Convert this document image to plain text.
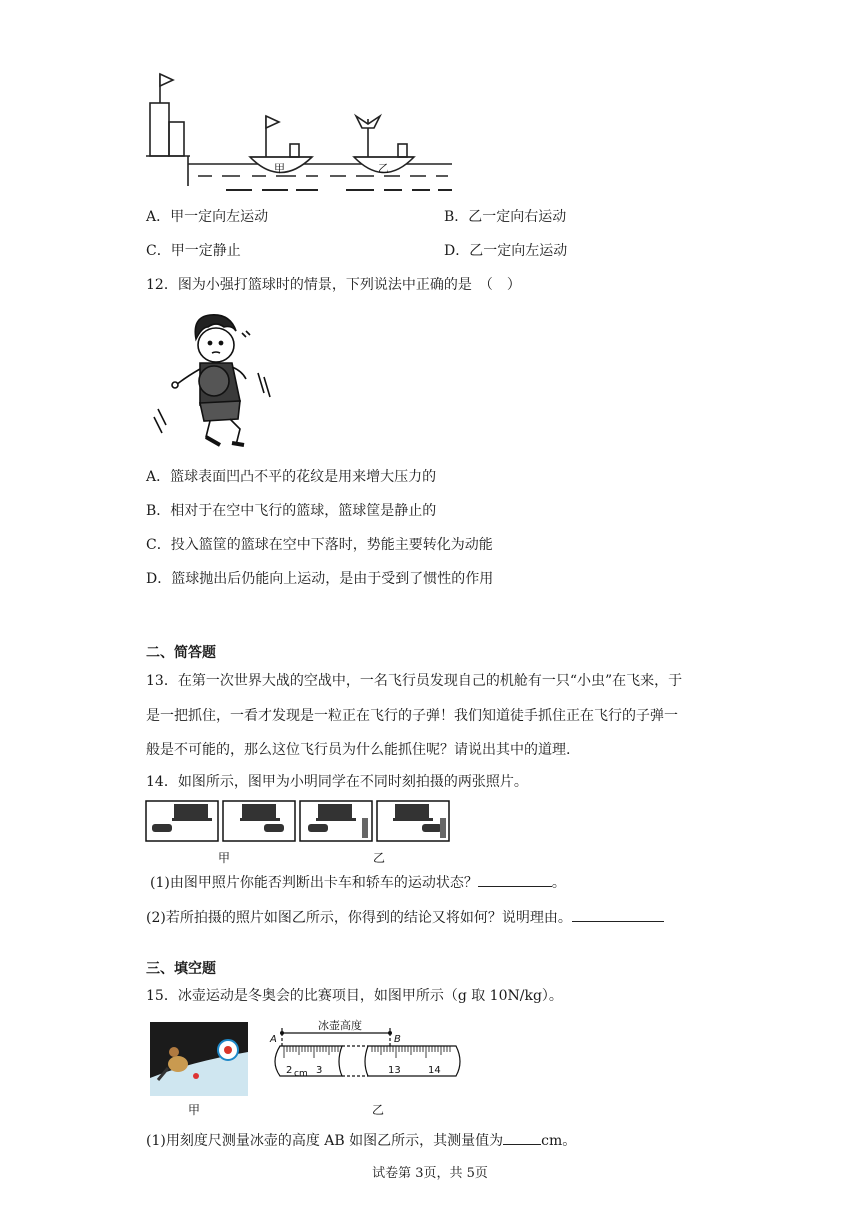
甲	乙
A．甲一定向左运动	B．乙一定向右运动
C．甲一定静止	D．乙一定向左运动
12．图为小强打篮球时的情景，下列说法中正确的是　（　）
A．篮球表面凹凸不平的花纹是用来增大压力的
B．相对于在空中飞行的篮球，篮球筐是静止的
C．投入篮筐的篮球在空中下落时，势能主要转化为动能
D．篮球抛出后仍能向上运动，是由于受到了惯性的作用
二、简答题
13．在第一次世界大战的空战中，一名飞行员发现自己的机舱有一只“小虫”在飞来，于
是一把抓住，一看才发现是一粒正在飞行的子弹！我们知道徒手抓住正在飞行的子弹一
般是不可能的，那么这位飞行员为什么能抓住呢？请说出其中的道理.
14．如图所示，图甲为小明同学在不同时刻拍摄的两张照片。
甲	乙
(1)由图甲照片你能否判断出卡车和轿车的运动状态？	。
(2)若所拍摄的照片如图乙所示，你得到的结论又将如何？说明理由。
三、填空题
15．冰壶运动是冬奥会的比赛项目，如图甲所示（g 取 10N/kg）。
甲
冰壶高度
A	B
2 cm 3	13	14
乙
(1)用刻度尺测量冰壶的高度 AB 如图乙所示，其测量值为	cm。
试卷第 3页，共 5页
